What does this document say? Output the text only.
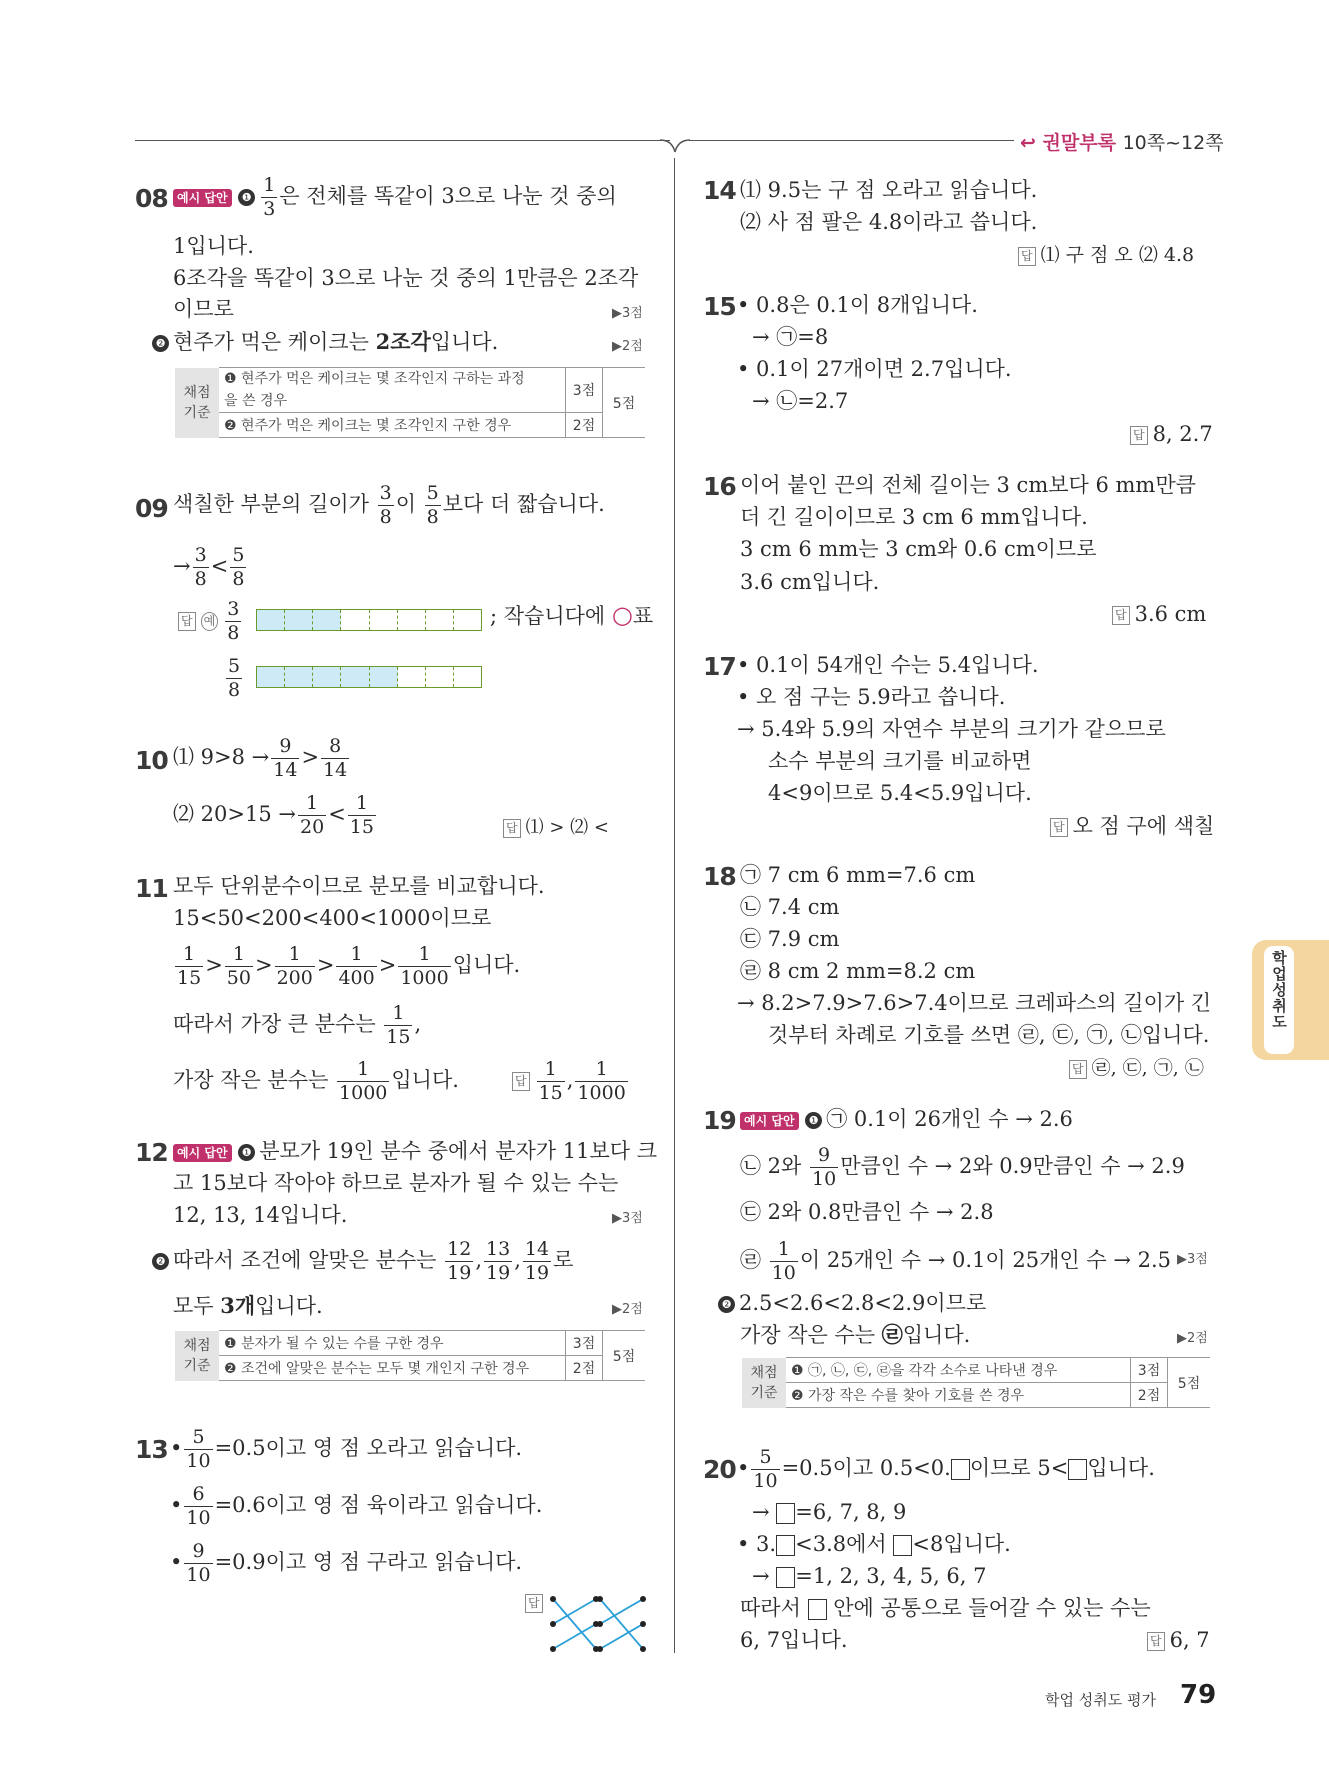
↩ 권말부록 10쪽~12쪽
학업성취도
08 예시 답안 ❶ $\frac{1}{3}$ 은 전체를 똑같이 3으로 나눈 것 중의
1입니다.
6조각을 똑같이 3으로 나눈 것 중의 1만큼은 2조각
이므로	▶3점
❷ 현주가 먹은 케이크는 2조각입니다.	▶2점
채점
기준	❶ 현주가 먹은 케이크는 몇 조각인지 구하는 과정	3점	5점
	을 쓴 경우		
	❷ 현주가 먹은 케이크는 몇 조각인지 구한 경우	2점	
09 색칠한 부분의 길이가 $\frac{3}{8}$ 이 $\frac{5}{8}$ 보다 더 짧습니다.
→ $\frac{3}{8} < \frac{5}{8}$
답 예 $\frac{3}{8}$	; 작습니다에 ○표
$\frac{5}{8}$
10 ⑴ $9>8 \to \frac{9}{14} > \frac{8}{14}$
⑵ $20>15 \to \frac{1}{20} < \frac{1}{15}$	답 ⑴ > ⑵ <
11 모두 단위분수이므로 분모를 비교합니다.
15<50<200<400<1000이므로
$\frac{1}{15} > \frac{1}{50} > \frac{1}{200} > \frac{1}{400} > \frac{1}{1000}$ 입니다.
따라서 가장 큰 분수는 $\frac{1}{15}$ ,
가장 작은 분수는 $\frac{1}{1000}$ 입니다.	답 $\frac{1}{15}$ , $\frac{1}{1000}$
12 예시 답안 ❶ 분모가 19인 분수 중에서 분자가 11보다 크
고 15보다 작아야 하므로 분자가 될 수 있는 수는
12, 13, 14입니다.	▶3점
❷ 따라서 조건에 알맞은 분수는 $\frac{12}{19}$ , $\frac{13}{19}$ , $\frac{14}{19}$ 로
모두 3개입니다.	▶2점
채점
기준	❶ 분자가 될 수 있는 수를 구한 경우	3점	5점
	❷ 조건에 알맞은 분수는 모두 몇 개인지 구한 경우	2점	
13 • $\frac{5}{10} =0.5$이고 영 점 오라고 읽습니다.
• $\frac{6}{10} =0.6$이고 영 점 육이라고 읽습니다.
• $\frac{9}{10} =0.9$이고 영 점 구라고 읽습니다.
답
14 ⑴ 9.5는 구 점 오라고 읽습니다.
⑵ 사 점 팔은 4.8이라고 씁니다.
답 ⑴ 구 점 오 ⑵ 4.8
15 • 0.8은 0.1이 8개입니다.
→ ㉠=8
• 0.1이 27개이면 2.7입니다.
→ ㉡=2.7
답 8, 2.7
16 이어 붙인 끈의 전체 길이는 3 cm보다 6 mm만큼
더 긴 길이이므로 3 cm 6 mm입니다.
3 cm 6 mm는 3 cm와 0.6 cm이므로
3.6 cm입니다.
답 3.6 cm
17 • 0.1이 54개인 수는 5.4입니다.
• 오 점 구는 5.9라고 씁니다.
→ 5.4와 5.9의 자연수 부분의 크기가 같으므로
소수 부분의 크기를 비교하면
4<9이므로 5.4<5.9입니다.
답 오 점 구에 색칠
18 ㉠ 7 cm 6 mm=7.6 cm
㉡ 7.4 cm
㉢ 7.9 cm
㉣ 8 cm 2 mm=8.2 cm
→ 8.2>7.9>7.6>7.4이므로 크레파스의 길이가 긴
것부터 차례로 기호를 쓰면 ㉣, ㉢, ㉠, ㉡입니다.
답 ㉣, ㉢, ㉠, ㉡
19 예시 답안 ❶ ㉠ 0.1이 26개인 수 → 2.6
㉡ 2와 $\frac{9}{10}$ 만큼인 수 → 2와 0.9만큼인 수 → 2.9
㉢ 2와 0.8만큼인 수 → 2.8
㉣ $\frac{1}{10}$ 이 25개인 수 → 0.1이 25개인 수 → 2.5 ▶3점
❷ 2.5<2.6<2.8<2.9이므로
가장 작은 수는 ㉣입니다.	▶2점
채점
기준	❶ ㉠, ㉡, ㉢, ㉣을 각각 소수로 나타낸 경우	3점	5점
	❷ 가장 작은 수를 찾아 기호를 쓴 경우	2점	
20 • $\frac{5}{10} =0.5$이고 0.5<0. 이므로 5< 입니다.
→ =6, 7, 8, 9
• 3. <3.8에서 <8입니다.
→ =1, 2, 3, 4, 5, 6, 7
따라서  안에 공통으로 들어갈 수 있는 수는
6, 7입니다.	답 6, 7
학업 성취도 평가 79
